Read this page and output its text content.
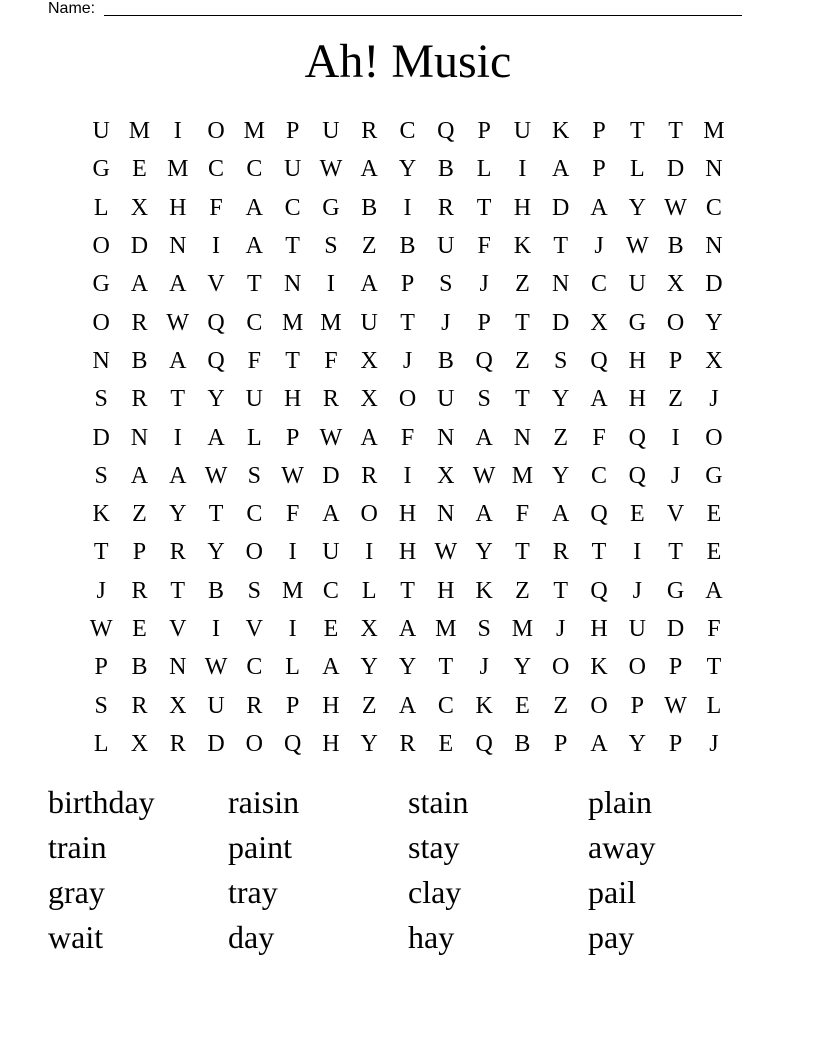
Name:
Ah! Music
U M I	O M P U R C Q P U K P	T T M
G E M C C U W A Y B L	I	A P	L D N
L X H F A C G B	I	R T H D A Y W C
O D N	I	A T	S	Z B U F K T	J W B N
G A A V T N	I	A P	S	J	Z N C U X D
O R W Q C M M U T	J	P	T D X G O Y
N B A Q F	T	F X	J	B Q Z	S Q H P X
S R T Y U H R X O U S	T Y A H Z	J
D N	I	A L	P W A F N A N Z	F Q	I	O
S A A W S W D R	I	X W M Y C Q	J	G
K Z Y T C F A O H N A F A Q E V E
T	P R Y O	I	U	I	H W Y T R T	I	T E
J	R T B S M C L T H K Z T Q	J	G A
W E V	I	V	I	E X A M S M J	H U D F
P B N W C L A Y Y T	J	Y O K O P	T
S R X U R P H Z A C K E Z O P W L
L X R D O Q H Y R E Q B P A Y P	J
birthday	raisin	stain	plain
train	paint	stay	away
gray	tray	clay	pail
wait	day	hay	pay
